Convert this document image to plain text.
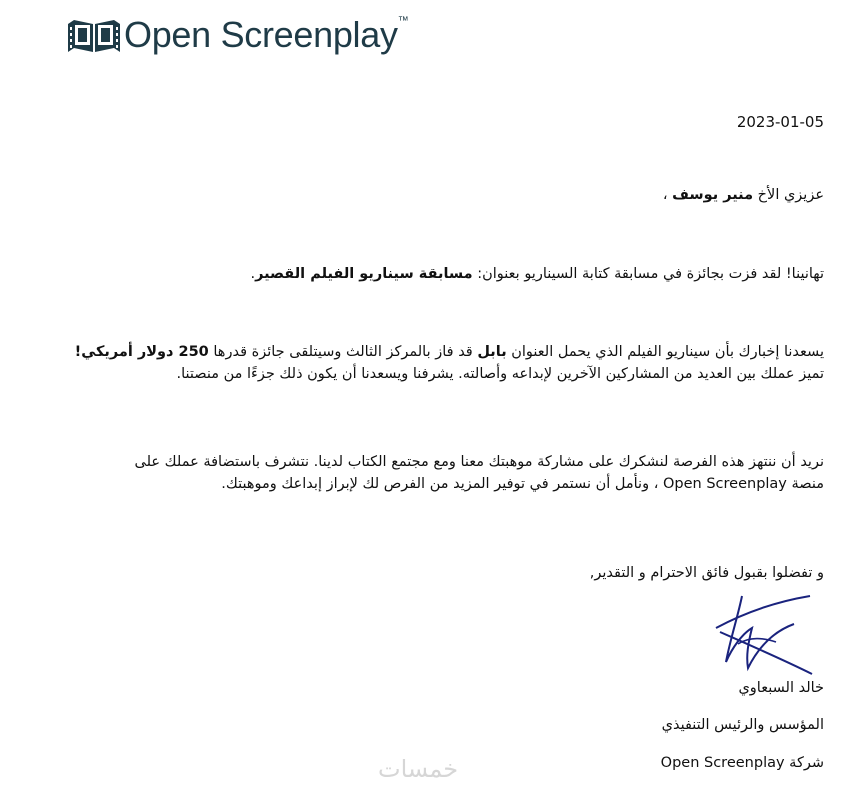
Open Screenplay ™
2023-01-05
عزيزي الأخ منير يوسف ،
تهانينا! لقد فزت بجائزة في مسابقة كتابة السيناريو بعنوان: مسابقة سيناريو الفيلم القصير.
يسعدنا إخبارك بأن سيناريو الفيلم الذي يحمل العنوان بابل قد فاز بالمركز الثالث وسيتلقى جائزة قدرها 250 دولار أمريكي!
تميز عملك بين العديد من المشاركين الآخرين لإبداعه وأصالته. يشرفنا ويسعدنا أن يكون ذلك جزءًا من منصتنا.
نريد أن ننتهز هذه الفرصة لنشكرك على مشاركة موهبتك معنا ومع مجتمع الكتاب لدينا. نتشرف باستضافة عملك على
منصة Open Screenplay ، ونأمل أن نستمر في توفير المزيد من الفرص لك لإبراز إبداعك وموهبتك.
و تفضلوا بقبول فائق الاحترام و التقدير,
خالد السبعاوي
المؤسس والرئيس التنفيذي
شركة Open Screenplay
خمسات
